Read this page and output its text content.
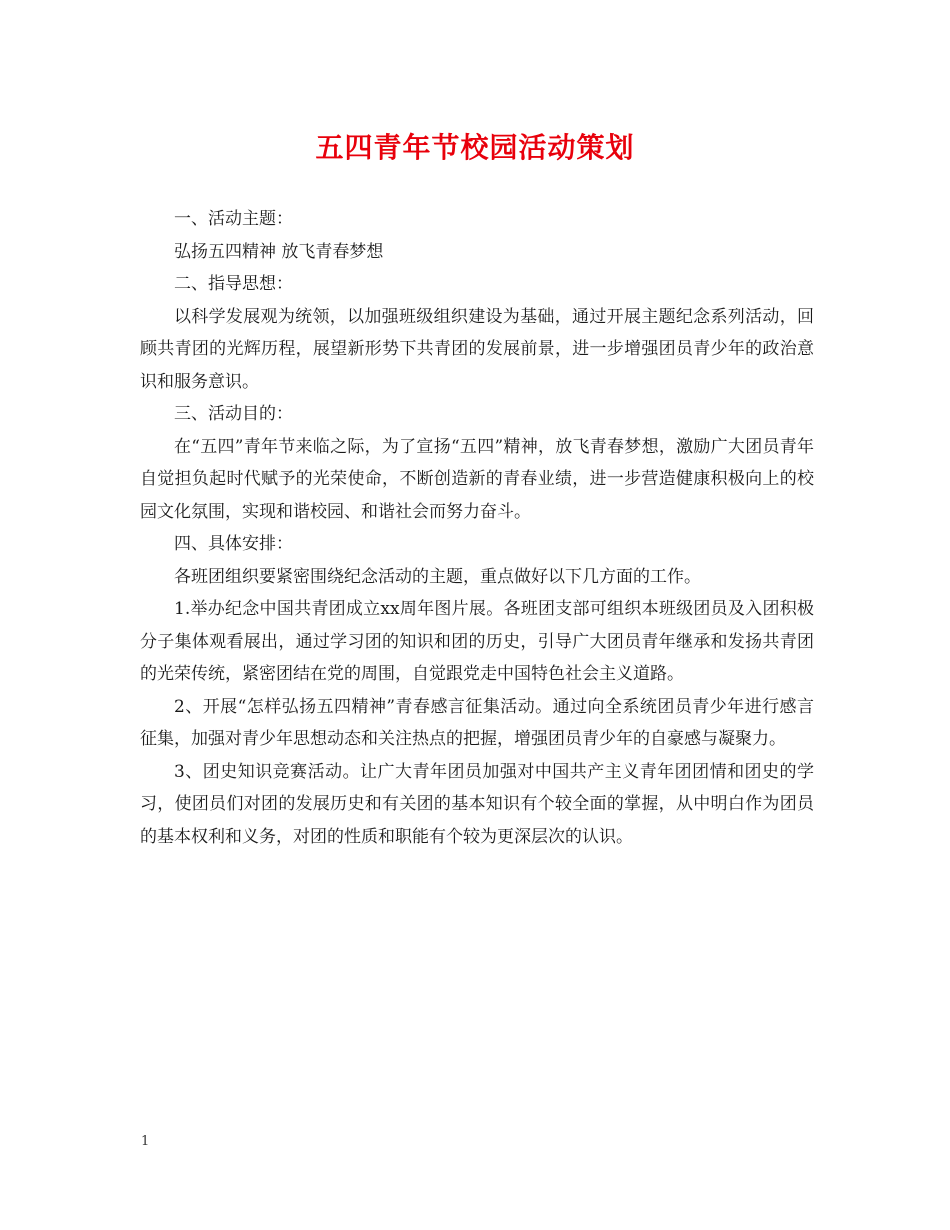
五四青年节校园活动策划

一、活动主题：

弘扬五四精神 放飞青春梦想

二、指导思想：

以科学发展观为统领，以加强班级组织建设为基础，通过开展主题纪念系列活动，回顾共青团的光辉历程，展望新形势下共青团的发展前景，进一步增强团员青少年的政治意识和服务意识。

三、活动目的：

在“五四”青年节来临之际，为了宣扬“五四”精神，放飞青春梦想，激励广大团员青年自觉担负起时代赋予的光荣使命，不断创造新的青春业绩，进一步营造健康积极向上的校园文化氛围，实现和谐校园、和谐社会而努力奋斗。

四、具体安排：

各班团组织要紧密围绕纪念活动的主题，重点做好以下几方面的工作。

1.举办纪念中国共青团成立xx周年图片展。各班团支部可组织本班级团员及入团积极分子集体观看展出，通过学习团的知识和团的历史，引导广大团员青年继承和发扬共青团的光荣传统，紧密团结在党的周围，自觉跟党走中国特色社会主义道路。

2、开展“怎样弘扬五四精神”青春感言征集活动。通过向全系统团员青少年进行感言征集，加强对青少年思想动态和关注热点的把握，增强团员青少年的自豪感与凝聚力。

3、团史知识竞赛活动。让广大青年团员加强对中国共产主义青年团团情和团史的学习，使团员们对团的发展历史和有关团的基本知识有个较全面的掌握，从中明白作为团员的基本权利和义务，对团的性质和职能有个较为更深层次的认识。

1
